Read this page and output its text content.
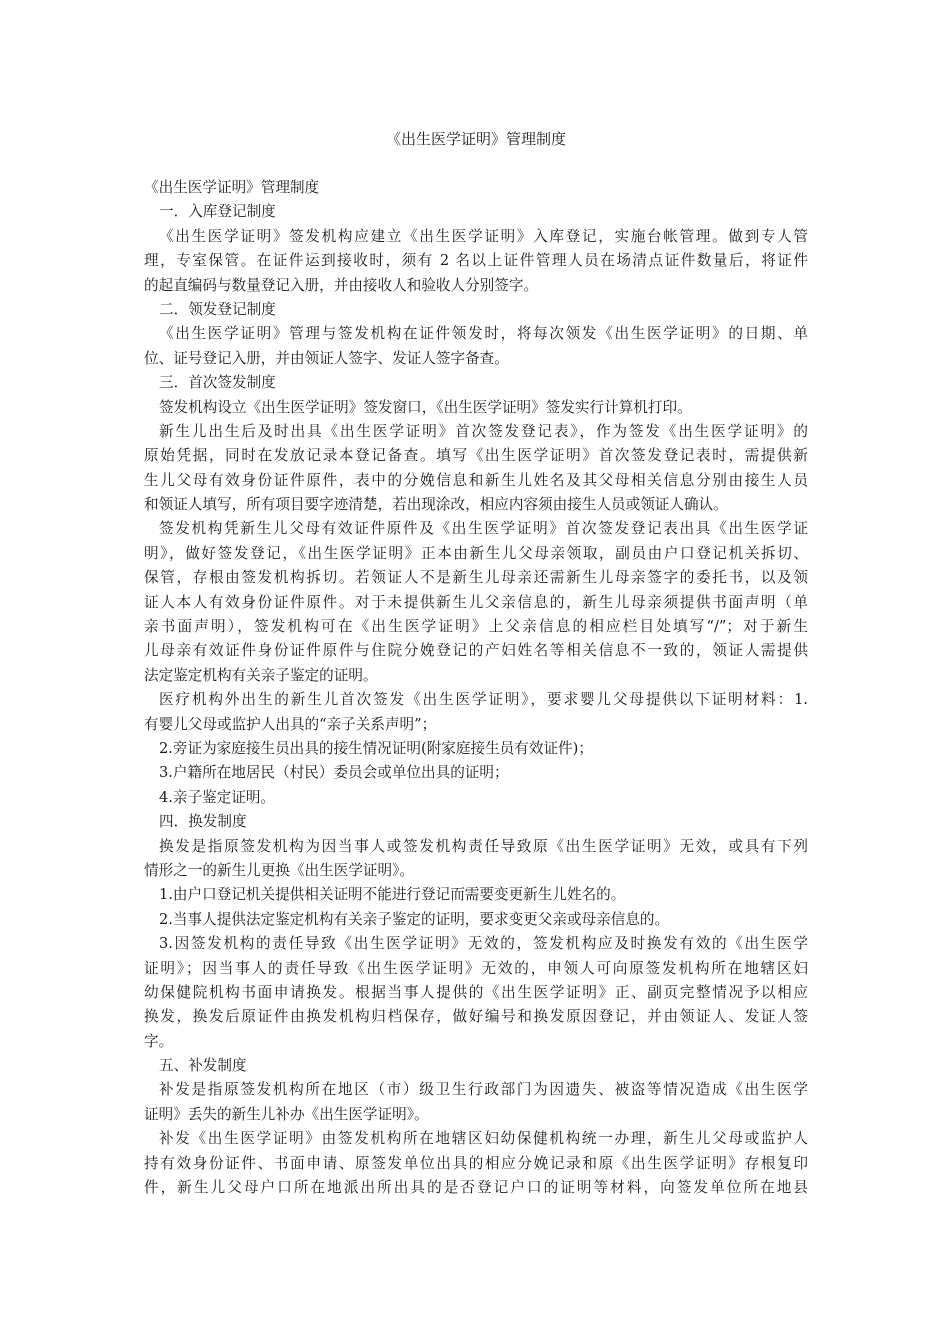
《出生医学证明》管理制度
《出生医学证明》管理制度
一．入库登记制度
《出生医学证明》签发机构应建立《出生医学证明》入库登记，实施台帐管理。做到专人管
理，专室保管。在证件运到接收时，须有 2 名以上证件管理人员在场清点证件数量后，将证件
的起直编码与数量登记入册，并由接收人和验收人分别签字。
二．领发登记制度
《出生医学证明》管理与签发机构在证件领发时，将每次领发《出生医学证明》的日期、单
位、证号登记入册，并由领证人签字、发证人签字备查。
三．首次签发制度
签发机构设立《出生医学证明》签发窗口，《出生医学证明》签发实行计算机打印。
新生儿出生后及时出具《出生医学证明》首次签发登记表》，作为签发《出生医学证明》的
原始凭据，同时在发放记录本登记备查。填写《出生医学证明》首次签发登记表时，需提供新
生儿父母有效身份证件原件，表中的分娩信息和新生儿姓名及其父母相关信息分别由接生人员
和领证人填写，所有项目要字迹清楚，若出现涂改，相应内容须由接生人员或领证人确认。
签发机构凭新生儿父母有效证件原件及《出生医学证明》首次签发登记表出具《出生医学证
明》，做好签发登记，《出生医学证明》正本由新生儿父母亲领取，副员由户口登记机关拆切、
保管，存根由签发机构拆切。若领证人不是新生儿母亲还需新生儿母亲签字的委托书，以及领
证人本人有效身份证件原件。对于未提供新生儿父亲信息的，新生儿母亲须提供书面声明（单
亲书面声明），签发机构可在《出生医学证明》上父亲信息的相应栏目处填写“/”；对于新生
儿母亲有效证件身份证件原件与住院分娩登记的产妇姓名等相关信息不一致的，领证人需提供
法定鉴定机构有关亲子鉴定的证明。
医疗机构外出生的新生儿首次签发《出生医学证明》，要求婴儿父母提供以下证明材料：1.
有婴儿父母或监护人出具的“亲子关系声明”；
2.旁证为家庭接生员出具的接生情况证明(附家庭接生员有效证件)；
3.户籍所在地居民（村民）委员会或单位出具的证明；
4.亲子鉴定证明。
四．换发制度
换发是指原签发机构为因当事人或签发机构责任导致原《出生医学证明》无效，或具有下列
情形之一的新生儿更换《出生医学证明》。
1.由户口登记机关提供相关证明不能进行登记而需要变更新生儿姓名的。
2.当事人提供法定鉴定机构有关亲子鉴定的证明，要求变更父亲或母亲信息的。
3.因签发机构的责任导致《出生医学证明》无效的，签发机构应及时换发有效的《出生医学
证明》；因当事人的责任导致《出生医学证明》无效的，申领人可向原签发机构所在地辖区妇
幼保健院机构书面申请换发。根据当事人提供的《出生医学证明》正、副页完整情况予以相应
换发，换发后原证件由换发机构归档保存，做好编号和换发原因登记，并由领证人、发证人签
字。
五、补发制度
补发是指原签发机构所在地区（市）级卫生行政部门为因遗失、被盗等情况造成《出生医学
证明》丢失的新生儿补办《出生医学证明》。
补发《出生医学证明》由签发机构所在地辖区妇幼保健机构统一办理，新生儿父母或监护人
持有效身份证件、书面申请、原签发单位出具的相应分娩记录和原《出生医学证明》存根复印
件，新生儿父母户口所在地派出所出具的是否登记户口的证明等材料，向签发单位所在地县
